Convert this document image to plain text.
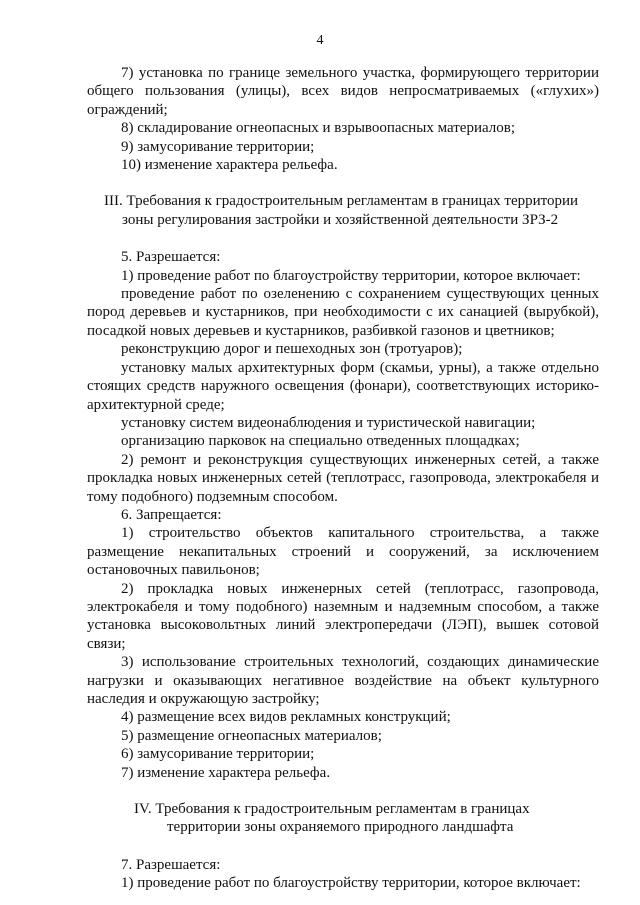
4

7) установка по границе земельного участка, формирующего территории общего пользования (улицы), всех видов непросматриваемых («глухих») ограждений;

8) складирование огнеопасных и взрывоопасных материалов;

9) замусоривание территории;

10) изменение характера рельефа.

III. Требования к градостроительным регламентам в границах территории

зоны регулирования застройки и хозяйственной деятельности ЗРЗ-2

5. Разрешается:

1) проведение работ по благоустройству территории, которое включает:

проведение работ по озеленению с сохранением существующих ценных пород деревьев и кустарников, при необходимости с их санацией (вырубкой), посадкой новых деревьев и кустарников, разбивкой газонов и цветников;

реконструкцию дорог и пешеходных зон (тротуаров);

установку малых архитектурных форм (скамьи, урны), а также отдельно стоящих средств наружного освещения (фонари), соответствующих историко-архитектурной среде;

установку систем видеонаблюдения и туристической навигации;

организацию парковок на специально отведенных площадках;

2) ремонт и реконструкция существующих инженерных сетей, а также прокладка новых инженерных сетей (теплотрасс, газопровода, электрокабеля и тому подобного) подземным способом.

6. Запрещается:

1) строительство объектов капитального строительства, а также размещение некапитальных строений и сооружений, за исключением остановочных павильонов;

2) прокладка новых инженерных сетей (теплотрасс, газопровода, электрокабеля и тому подобного) наземным и надземным способом, а также установка высоковольтных линий электропередачи (ЛЭП), вышек сотовой связи;

3) использование строительных технологий, создающих динамические нагрузки и оказывающих негативное воздействие на объект культурного наследия и окружающую застройку;

4) размещение всех видов рекламных конструкций;

5) размещение огнеопасных материалов;

6) замусоривание территории;

7) изменение характера рельефа.

IV. Требования к градостроительным регламентам в границах

территории зоны охраняемого природного ландшафта

7. Разрешается:

1) проведение работ по благоустройству территории, которое включает:
